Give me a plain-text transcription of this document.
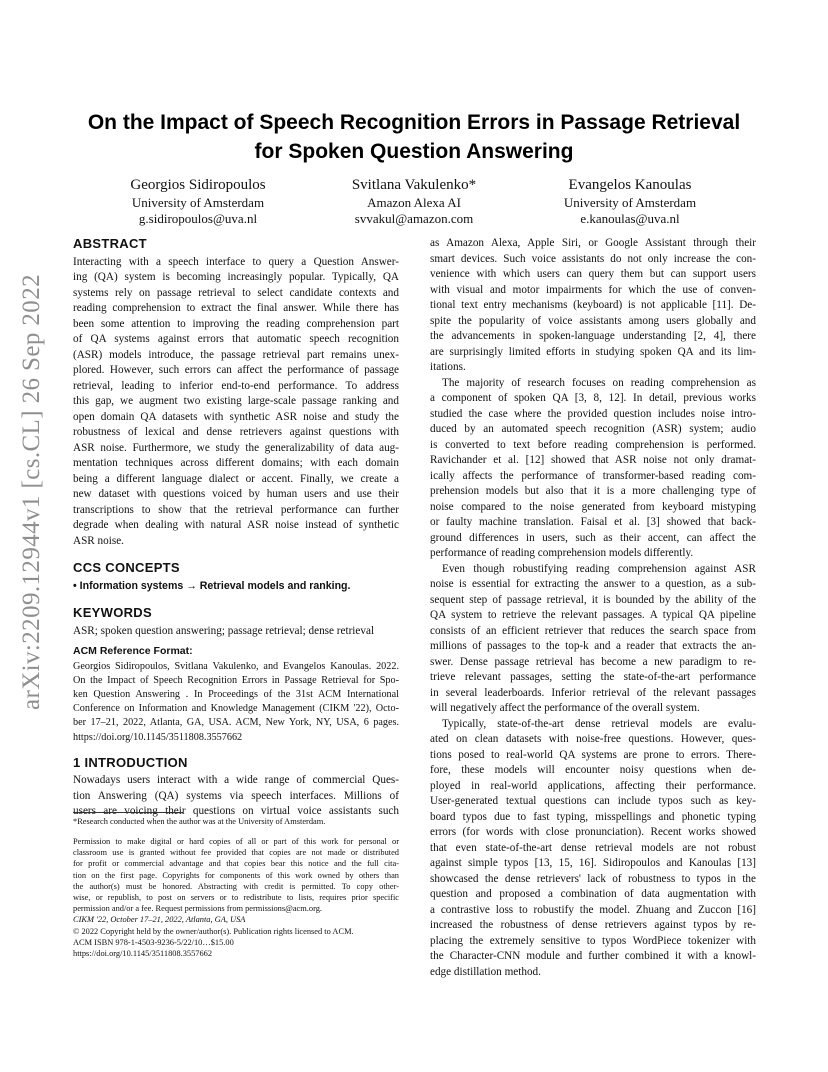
arXiv:2209.12944v1 [cs.CL] 26 Sep 2022
On the Impact of Speech Recognition Errors in Passage Retrieval
for Spoken Question Answering
Georgios Sidiropoulos
University of Amsterdam
g.sidiropoulos@uva.nl
Svitlana Vakulenko*
Amazon Alexa AI
svvakul@amazon.com
Evangelos Kanoulas
University of Amsterdam
e.kanoulas@uva.nl
ABSTRACT
Interacting with a speech interface to query a Question Answer-
ing (QA) system is becoming increasingly popular. Typically, QA
systems rely on passage retrieval to select candidate contexts and
reading comprehension to extract the final answer. While there has
been some attention to improving the reading comprehension part
of QA systems against errors that automatic speech recognition
(ASR) models introduce, the passage retrieval part remains unex-
plored. However, such errors can affect the performance of passage
retrieval, leading to inferior end-to-end performance. To address
this gap, we augment two existing large-scale passage ranking and
open domain QA datasets with synthetic ASR noise and study the
robustness of lexical and dense retrievers against questions with
ASR noise. Furthermore, we study the generalizability of data aug-
mentation techniques across different domains; with each domain
being a different language dialect or accent. Finally, we create a
new dataset with questions voiced by human users and use their
transcriptions to show that the retrieval performance can further
degrade when dealing with natural ASR noise instead of synthetic
ASR noise.
CCS CONCEPTS
• Information systems → Retrieval models and ranking.
KEYWORDS
ASR; spoken question answering; passage retrieval; dense retrieval
ACM Reference Format:
Georgios Sidiropoulos, Svitlana Vakulenko, and Evangelos Kanoulas. 2022.
On the Impact of Speech Recognition Errors in Passage Retrieval for Spo-
ken Question Answering . In Proceedings of the 31st ACM International
Conference on Information and Knowledge Management (CIKM '22), Octo-
ber 17–21, 2022, Atlanta, GA, USA. ACM, New York, NY, USA, 6 pages.
https://doi.org/10.1145/3511808.3557662
1 INTRODUCTION
Nowadays users interact with a wide range of commercial Ques-
tion Answering (QA) systems via speech interfaces. Millions of
users are voicing their questions on virtual voice assistants such
*Research conducted when the author was at the University of Amsterdam.
Permission to make digital or hard copies of all or part of this work for personal or
classroom use is granted without fee provided that copies are not made or distributed
for profit or commercial advantage and that copies bear this notice and the full cita-
tion on the first page. Copyrights for components of this work owned by others than
the author(s) must be honored. Abstracting with credit is permitted. To copy other-
wise, or republish, to post on servers or to redistribute to lists, requires prior specific
permission and/or a fee. Request permissions from permissions@acm.org.
CIKM '22, October 17–21, 2022, Atlanta, GA, USA
© 2022 Copyright held by the owner/author(s). Publication rights licensed to ACM.
ACM ISBN 978-1-4503-9236-5/22/10…$15.00
https://doi.org/10.1145/3511808.3557662
as Amazon Alexa, Apple Siri, or Google Assistant through their
smart devices. Such voice assistants do not only increase the con-
venience with which users can query them but can support users
with visual and motor impairments for which the use of conven-
tional text entry mechanisms (keyboard) is not applicable [11]. De-
spite the popularity of voice assistants among users globally and
the advancements in spoken-language understanding [2, 4], there
are surprisingly limited efforts in studying spoken QA and its lim-
itations.
The majority of research focuses on reading comprehension as
a component of spoken QA [3, 8, 12]. In detail, previous works
studied the case where the provided question includes noise intro-
duced by an automated speech recognition (ASR) system; audio
is converted to text before reading comprehension is performed.
Ravichander et al. [12] showed that ASR noise not only dramat-
ically affects the performance of transformer-based reading com-
prehension models but also that it is a more challenging type of
noise compared to the noise generated from keyboard mistyping
or faulty machine translation. Faisal et al. [3] showed that back-
ground differences in users, such as their accent, can affect the
performance of reading comprehension models differently.
Even though robustifying reading comprehension against ASR
noise is essential for extracting the answer to a question, as a sub-
sequent step of passage retrieval, it is bounded by the ability of the
QA system to retrieve the relevant passages. A typical QA pipeline
consists of an efficient retriever that reduces the search space from
millions of passages to the top-k and a reader that extracts the an-
swer. Dense passage retrieval has become a new paradigm to re-
trieve relevant passages, setting the state-of-the-art performance
in several leaderboards. Inferior retrieval of the relevant passages
will negatively affect the performance of the overall system.
Typically, state-of-the-art dense retrieval models are evalu-
ated on clean datasets with noise-free questions. However, ques-
tions posed to real-world QA systems are prone to errors. There-
fore, these models will encounter noisy questions when de-
ployed in real-world applications, affecting their performance.
User-generated textual questions can include typos such as key-
board typos due to fast typing, misspellings and phonetic typing
errors (for words with close pronunciation). Recent works showed
that even state-of-the-art dense retrieval models are not robust
against simple typos [13, 15, 16]. Sidiropoulos and Kanoulas [13]
showcased the dense retrievers' lack of robustness to typos in the
question and proposed a combination of data augmentation with
a contrastive loss to robustify the model. Zhuang and Zuccon [16]
increased the robustness of dense retrievers against typos by re-
placing the extremely sensitive to typos WordPiece tokenizer with
the Character-CNN module and further combined it with a knowl-
edge distillation method.
